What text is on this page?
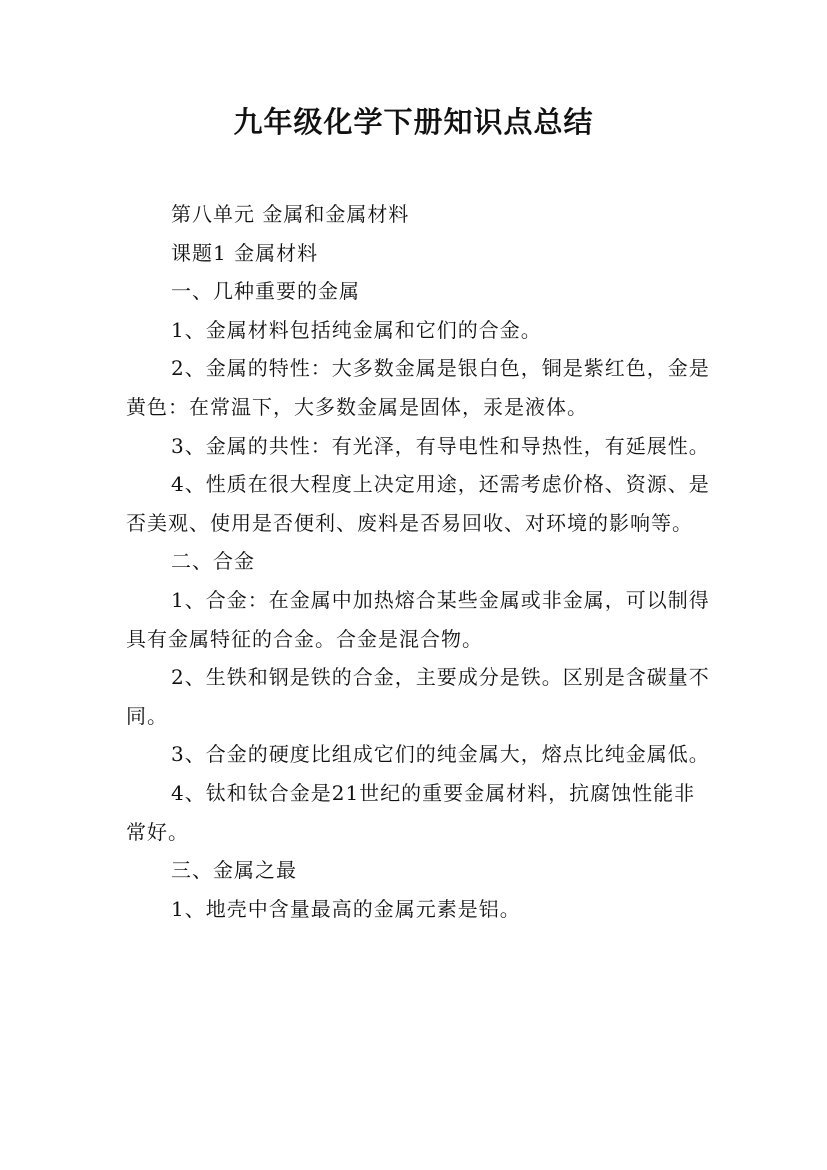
九年级化学下册知识点总结

第八单元 金属和金属材料

课题1 金属材料

一、几种重要的金属

1、金属材料包括纯金属和它们的合金。

2、金属的特性：大多数金属是银白色，铜是紫红色，金是黄色：在常温下，大多数金属是固体，汞是液体。

3、金属的共性：有光泽，有导电性和导热性，有延展性。

4、性质在很大程度上决定用途，还需考虑价格、资源、是否美观、使用是否便利、废料是否易回收、对环境的影响等。

二、合金

1、合金：在金属中加热熔合某些金属或非金属，可以制得具有金属特征的合金。合金是混合物。

2、生铁和钢是铁的合金，主要成分是铁。区别是含碳量不同。

3、合金的硬度比组成它们的纯金属大，熔点比纯金属低。

4、钛和钛合金是21世纪的重要金属材料，抗腐蚀性能非常好。

三、金属之最

1、地壳中含量最高的金属元素是铝。
